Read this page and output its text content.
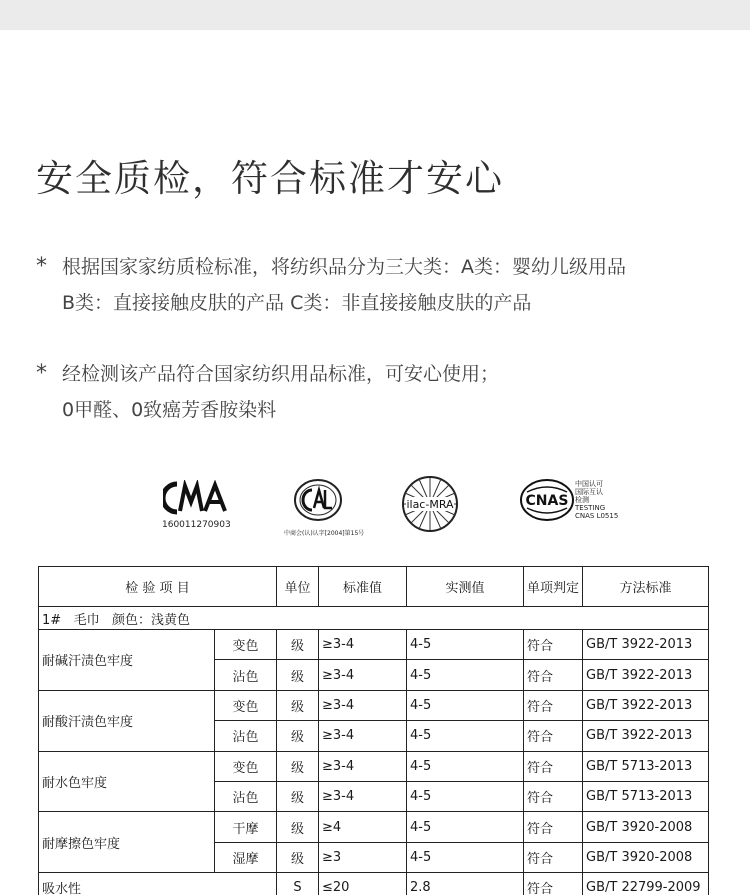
安全质检，符合标准才安心
* 根据国家家纺质检标准，将纺织品分为三大类：A类：婴幼儿级用品
B类：直接接触皮肤的产品 C类：非直接接触皮肤的产品
* 经检测该产品符合国家纺织用品标准，可安心使用；
0甲醛、0致癌芳香胺染料
160011270903
中商会(认)认字[2004]第15号
ilac-MRA	CNAS
中国认可
国际互认
检测
TESTING
CNAS L0515
检 验 项 目		单位	标准值	实测值	单项判定	方法标准
1# 毛巾 颜色：浅黄色						
耐碱汗渍色牢度	变色	级	≥3-4	4-5	符合	GB/T 3922-2013
	沾色	级	≥3-4	4-5	符合	GB/T 3922-2013
耐酸汗渍色牢度	变色	级	≥3-4	4-5	符合	GB/T 3922-2013
	沾色	级	≥3-4	4-5	符合	GB/T 3922-2013
耐水色牢度	变色	级	≥3-4	4-5	符合	GB/T 5713-2013
	沾色	级	≥3-4	4-5	符合	GB/T 5713-2013
耐摩擦色牢度	干摩	级	≥4	4-5	符合	GB/T 3920-2008
	湿摩	级	≥3	4-5	符合	GB/T 3920-2008
吸水性		S	≤20	2.8	符合	GB/T 22799-2009
